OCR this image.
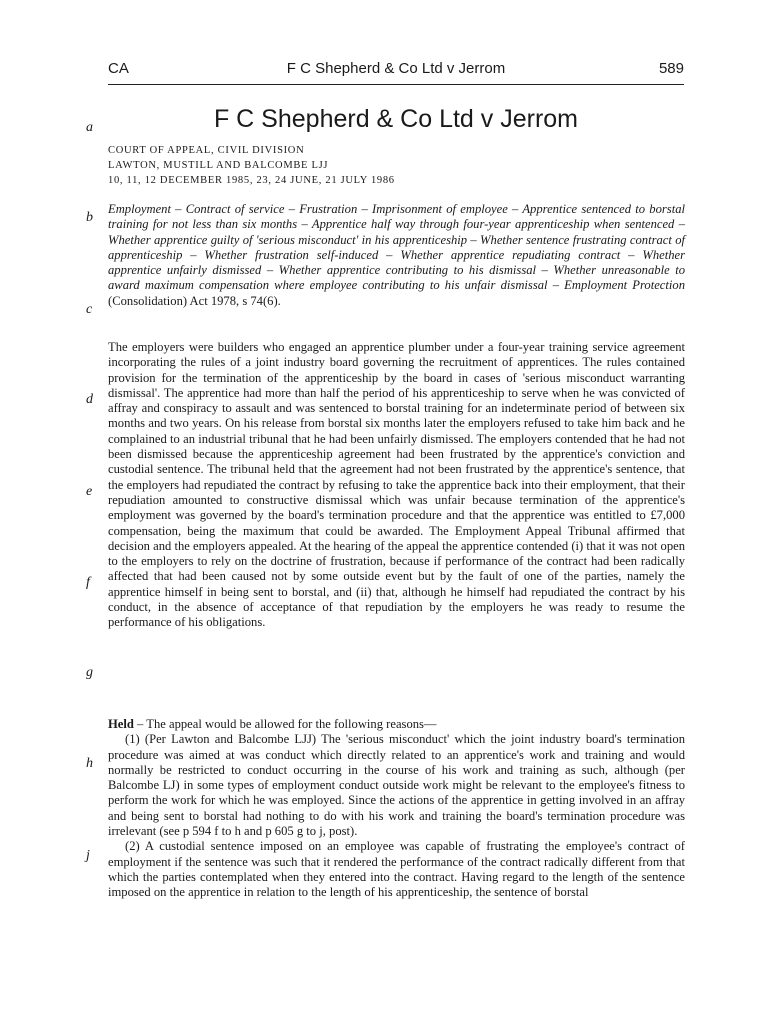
CA	F C Shepherd & Co Ltd v Jerrom	589
F C Shepherd & Co Ltd v Jerrom
COURT OF APPEAL, CIVIL DIVISION
LAWTON, MUSTILL AND BALCOMBE LJJ
10, 11, 12 DECEMBER 1985, 23, 24 JUNE, 21 JULY 1986
a
b
c
d
e
f
g
h
j
Employment – Contract of service – Frustration – Imprisonment of employee – Apprentice sentenced to borstal training for not less than six months – Apprentice half way through four-year apprenticeship when sentenced – Whether apprentice guilty of 'serious misconduct' in his apprenticeship – Whether sentence frustrating contract of apprenticeship – Whether frustration self-induced – Whether apprentice repudiating contract – Whether apprentice unfairly dismissed – Whether apprentice contributing to his dismissal – Whether unreasonable to award maximum compensation where employee contributing to his unfair dismissal – Employment Protection (Consolidation) Act 1978, s 74(6).
The employers were builders who engaged an apprentice plumber under a four-year training service agreement incorporating the rules of a joint industry board governing the recruitment of apprentices. The rules contained provision for the termination of the apprenticeship by the board in cases of 'serious misconduct warranting dismissal'. The apprentice had more than half the period of his apprenticeship to serve when he was convicted of affray and conspiracy to assault and was sentenced to borstal training for an indeterminate period of between six months and two years. On his release from borstal six months later the employers refused to take him back and he complained to an industrial tribunal that he had been unfairly dismissed. The employers contended that he had not been dismissed because the apprenticeship agreement had been frustrated by the apprentice's conviction and custodial sentence. The tribunal held that the agreement had not been frustrated by the apprentice's sentence, that the employers had repudiated the contract by refusing to take the apprentice back into their employment, that their repudiation amounted to constructive dismissal which was unfair because termination of the apprentice's employment was governed by the board's termination procedure and that the apprentice was entitled to £7,000 compensation, being the maximum that could be awarded. The Employment Appeal Tribunal affirmed that decision and the employers appealed. At the hearing of the appeal the apprentice contended (i) that it was not open to the employers to rely on the doctrine of frustration, because if performance of the contract had been radically affected that had been caused not by some outside event but by the fault of one of the parties, namely the apprentice himself in being sent to borstal, and (ii) that, although he himself had repudiated the contract by his conduct, in the absence of acceptance of that repudiation by the employers he was ready to resume the performance of his obligations.

Held – The appeal would be allowed for the following reasons—

(1) (Per Lawton and Balcombe LJJ) The 'serious misconduct' which the joint industry board's termination procedure was aimed at was conduct which directly related to an apprentice's work and training and would normally be restricted to conduct occurring in the course of his work and training as such, although (per Balcombe LJ) in some types of employment conduct outside work might be relevant to the employee's fitness to perform the work for which he was employed. Since the actions of the apprentice in getting involved in an affray and being sent to borstal had nothing to do with his work and training the board's termination procedure was irrelevant (see p 594 f to h and p 605 g to j, post).

(2) A custodial sentence imposed on an employee was capable of frustrating the employee's contract of employment if the sentence was such that it rendered the performance of the contract radically different from that which the parties contemplated when they entered into the contract. Having regard to the length of the sentence imposed on the apprentice in relation to the length of his apprenticeship, the sentence of borstal
